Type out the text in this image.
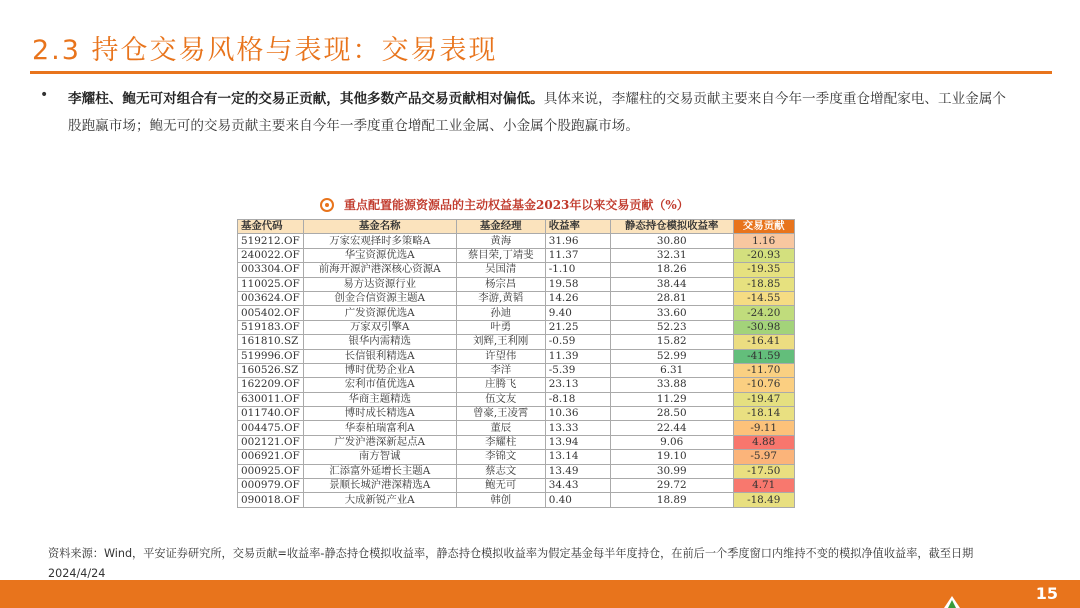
2.3 持仓交易风格与表现：交易表现
• 李耀柱、鲍无可对组合有一定的交易正贡献，其他多数产品交易贡献相对偏低。具体来说，李耀柱的交易贡献主要来自今年一季度重仓增配家电、工业金属个股跑赢市场；鲍无可的交易贡献主要来自今年一季度重仓增配工业金属、小金属个股跑赢市场。
重点配置能源资源品的主动权益基金2023年以来交易贡献（%）
基金代码	基金名称	基金经理	收益率	静态持仓模拟收益率	交易贡献
519212.OF	万家宏观择时多策略A	黄海	31.96	30.80	1.16
240022.OF	华宝资源优选A	蔡目荣,丁靖斐	11.37	32.31	-20.93
003304.OF	前海开源沪港深核心资源A	吴国清	-1.10	18.26	-19.35
110025.OF	易方达资源行业	杨宗昌	19.58	38.44	-18.85
003624.OF	创金合信资源主题A	李游,黄韬	14.26	28.81	-14.55
005402.OF	广发资源优选A	孙迪	9.40	33.60	-24.20
519183.OF	万家双引擎A	叶勇	21.25	52.23	-30.98
161810.SZ	银华内需精选	刘辉,王利刚	-0.59	15.82	-16.41
519996.OF	长信银利精选A	许望伟	11.39	52.99	-41.59
160526.SZ	博时优势企业A	李洋	-5.39	6.31	-11.70
162209.OF	宏利市值优选A	庄腾飞	23.13	33.88	-10.76
630011.OF	华商主题精选	伍文友	-8.18	11.29	-19.47
011740.OF	博时成长精选A	曾豪,王凌霄	10.36	28.50	-18.14
004475.OF	华泰柏瑞富利A	董辰	13.33	22.44	-9.11
002121.OF	广发沪港深新起点A	李耀柱	13.94	9.06	4.88
006921.OF	南方智诚	李锦文	13.14	19.10	-5.97
000925.OF	汇添富外延增长主题A	蔡志文	13.49	30.99	-17.50
000979.OF	景顺长城沪港深精选A	鲍无可	34.43	29.72	4.71
090018.OF	大成新锐产业A	韩创	0.40	18.89	-18.49
资料来源：Wind，平安证券研究所，交易贡献=收益率-静态持仓模拟收益率，静态持仓模拟收益率为假定基金每半年度持仓，在前后一个季度窗口内维持不变的模拟净值收益率，截至日期2024/4/24
15
